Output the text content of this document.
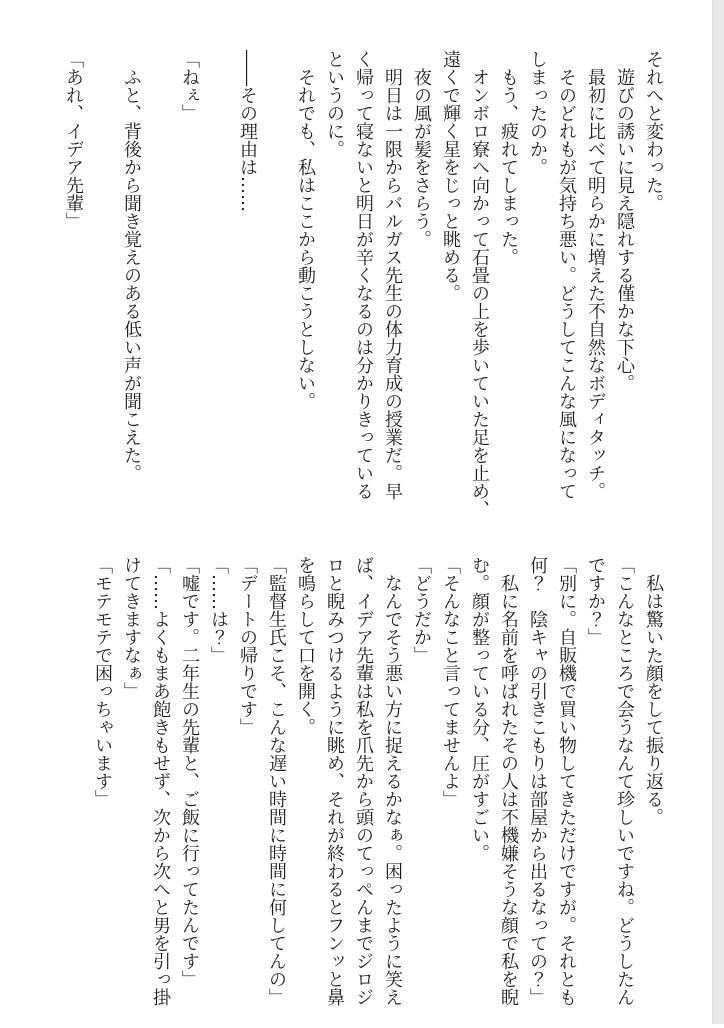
それへと変わった。
　遊びの誘いに見え隠れする僅かな下心。
　最初に比べて明らかに増えた不自然なボディタッチ。
　そのどれもが気持ち悪い。どうしてこんな風になって
しまったのか。
　もう、疲れてしまった。
　オンボロ寮へ向かって石畳の上を歩いていた足を止め、
遠くで輝く星をじっと眺める。
　夜の風が髪をさらう。
　明日は一限からバルガス先生の体力育成の授業だ。早
く帰って寝ないと明日が辛くなるのは分かりきっている
というのに。
　それでも、私はここから動こうとしない。

――その理由は……

「ねぇ」

　ふと、背後から聞き覚えのある低い声が聞こえた。

「あれ、イデア先輩」
　私は驚いた顔をして振り返る。
「こんなところで会うなんて珍しいですね。どうしたん
ですか？」
「別に。自販機で買い物してきただけですが。それとも
何？　陰キャの引きこもりは部屋から出るなっての？」
　私に名前を呼ばれたその人は不機嫌そうな顔で私を睨
む。顔が整っている分、圧がすごい。
「そんなこと言ってませんよ」
「どうだか」
　なんでそう悪い方に捉えるかなぁ。困ったように笑え
ば、イデア先輩は私を爪先から頭のてっぺんまでジロジ
ロと睨みつけるように眺め、それが終わるとフンッと鼻
を鳴らして口を開く。
「監督生氏こそ、こんな遅い時間に時間に何してんの」
「デートの帰りです」
「……は？」
「嘘です。二年生の先輩と、ご飯に行ってたんです」
「……よくもまあ飽きもせず、次から次へと男を引っ掛
けてきますなぁ」
「モテモテで困っちゃいます」
